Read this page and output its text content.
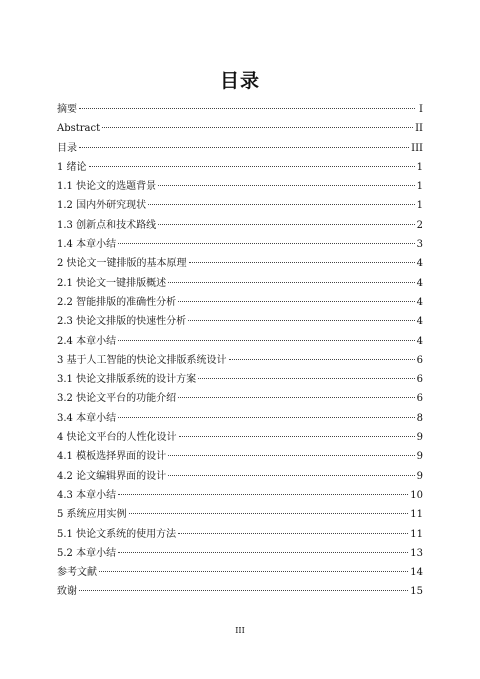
目录
摘要	I
Abstract	II
目录	III
1 绪论	1
1.1 快论文的选题背景	1
1.2 国内外研究现状	1
1.3 创新点和技术路线	2
1.4 本章小结	3
2 快论文一键排版的基本原理	4
2.1 快论文一键排版概述	4
2.2 智能排版的准确性分析	4
2.3 快论文排版的快速性分析	4
2.4 本章小结	4
3 基于人工智能的快论文排版系统设计	6
3.1 快论文排版系统的设计方案	6
3.2 快论文平台的功能介绍	6
3.4 本章小结	8
4 快论文平台的人性化设计	9
4.1 模板选择界面的设计	9
4.2 论文编辑界面的设计	9
4.3 本章小结	10
5 系统应用实例	11
5.1 快论文系统的使用方法	11
5.2 本章小结	13
参考文献	14
致谢	15
III
